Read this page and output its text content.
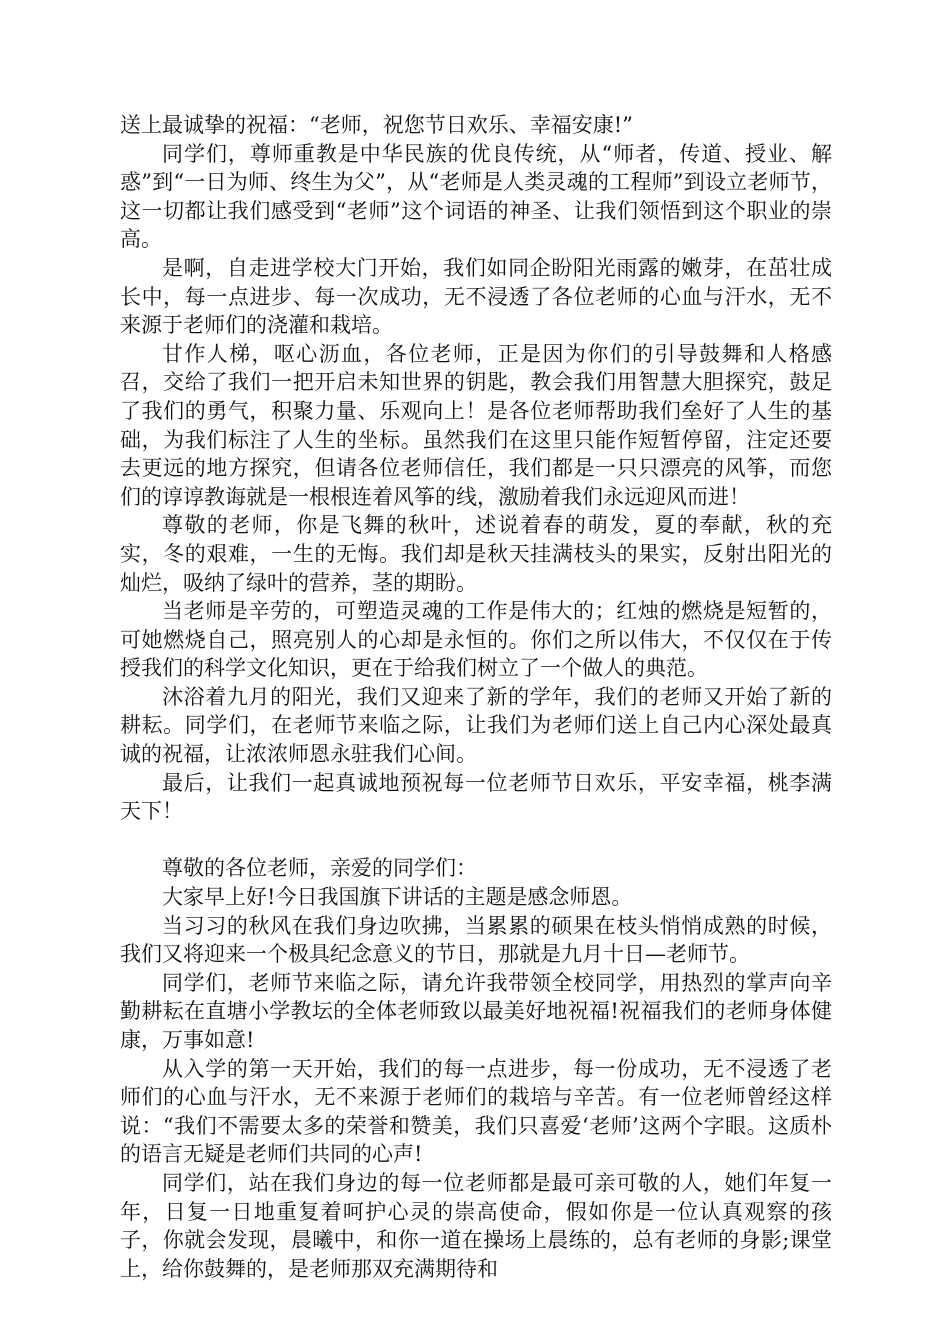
送上最诚挚的祝福：“老师，祝您节日欢乐、幸福安康!”

同学们，尊师重教是中华民族的优良传统，从“师者，传道、授业、解惑”到“一日为师、终生为父”，从“老师是人类灵魂的工程师”到设立老师节，这一切都让我们感受到“老师”这个词语的神圣、让我们领悟到这个职业的崇高。

是啊，自走进学校大门开始，我们如同企盼阳光雨露的嫩芽，在茁壮成长中，每一点进步、每一次成功，无不浸透了各位老师的心血与汗水，无不来源于老师们的浇灌和栽培。

甘作人梯，呕心沥血，各位老师，正是因为你们的引导鼓舞和人格感召，交给了我们一把开启未知世界的钥匙，教会我们用智慧大胆探究，鼓足了我们的勇气，积聚力量、乐观向上！是各位老师帮助我们垒好了人生的基础，为我们标注了人生的坐标。虽然我们在这里只能作短暂停留，注定还要去更远的地方探究，但请各位老师信任，我们都是一只只漂亮的风筝，而您们的谆谆教诲就是一根根连着风筝的线，激励着我们永远迎风而进！

尊敬的老师，你是飞舞的秋叶，述说着春的萌发，夏的奉献，秋的充实，冬的艰难，一生的无悔。我们却是秋天挂满枝头的果实，反射出阳光的灿烂，吸纳了绿叶的营养，茎的期盼。

当老师是辛劳的，可塑造灵魂的工作是伟大的；红烛的燃烧是短暂的，可她燃烧自己，照亮别人的心却是永恒的。你们之所以伟大，不仅仅在于传授我们的科学文化知识，更在于给我们树立了一个做人的典范。

沐浴着九月的阳光，我们又迎来了新的学年，我们的老师又开始了新的耕耘。同学们，在老师节来临之际，让我们为老师们送上自己内心深处最真诚的祝福，让浓浓师恩永驻我们心间。

最后，让我们一起真诚地预祝每一位老师节日欢乐，平安幸福，桃李满天下！

尊敬的各位老师，亲爱的同学们：

大家早上好!今日我国旗下讲话的主题是感念师恩。

当习习的秋风在我们身边吹拂，当累累的硕果在枝头悄悄成熟的时候，我们又将迎来一个极具纪念意义的节日，那就是九月十日—老师节。

同学们，老师节来临之际，请允许我带领全校同学，用热烈的掌声向辛勤耕耘在直塘小学教坛的全体老师致以最美好地祝福!祝福我们的老师身体健康，万事如意!

从入学的第一天开始，我们的每一点进步，每一份成功，无不浸透了老师们的心血与汗水，无不来源于老师们的栽培与辛苦。有一位老师曾经这样说：“我们不需要太多的荣誉和赞美，我们只喜爱‘老师’这两个字眼。这质朴的语言无疑是老师们共同的心声!

同学们，站在我们身边的每一位老师都是最可亲可敬的人，她们年复一年，日复一日地重复着呵护心灵的崇高使命，假如你是一位认真观察的孩子，你就会发现，晨曦中，和你一道在操场上晨练的，总有老师的身影;课堂上，给你鼓舞的，是老师那双充满期待和
